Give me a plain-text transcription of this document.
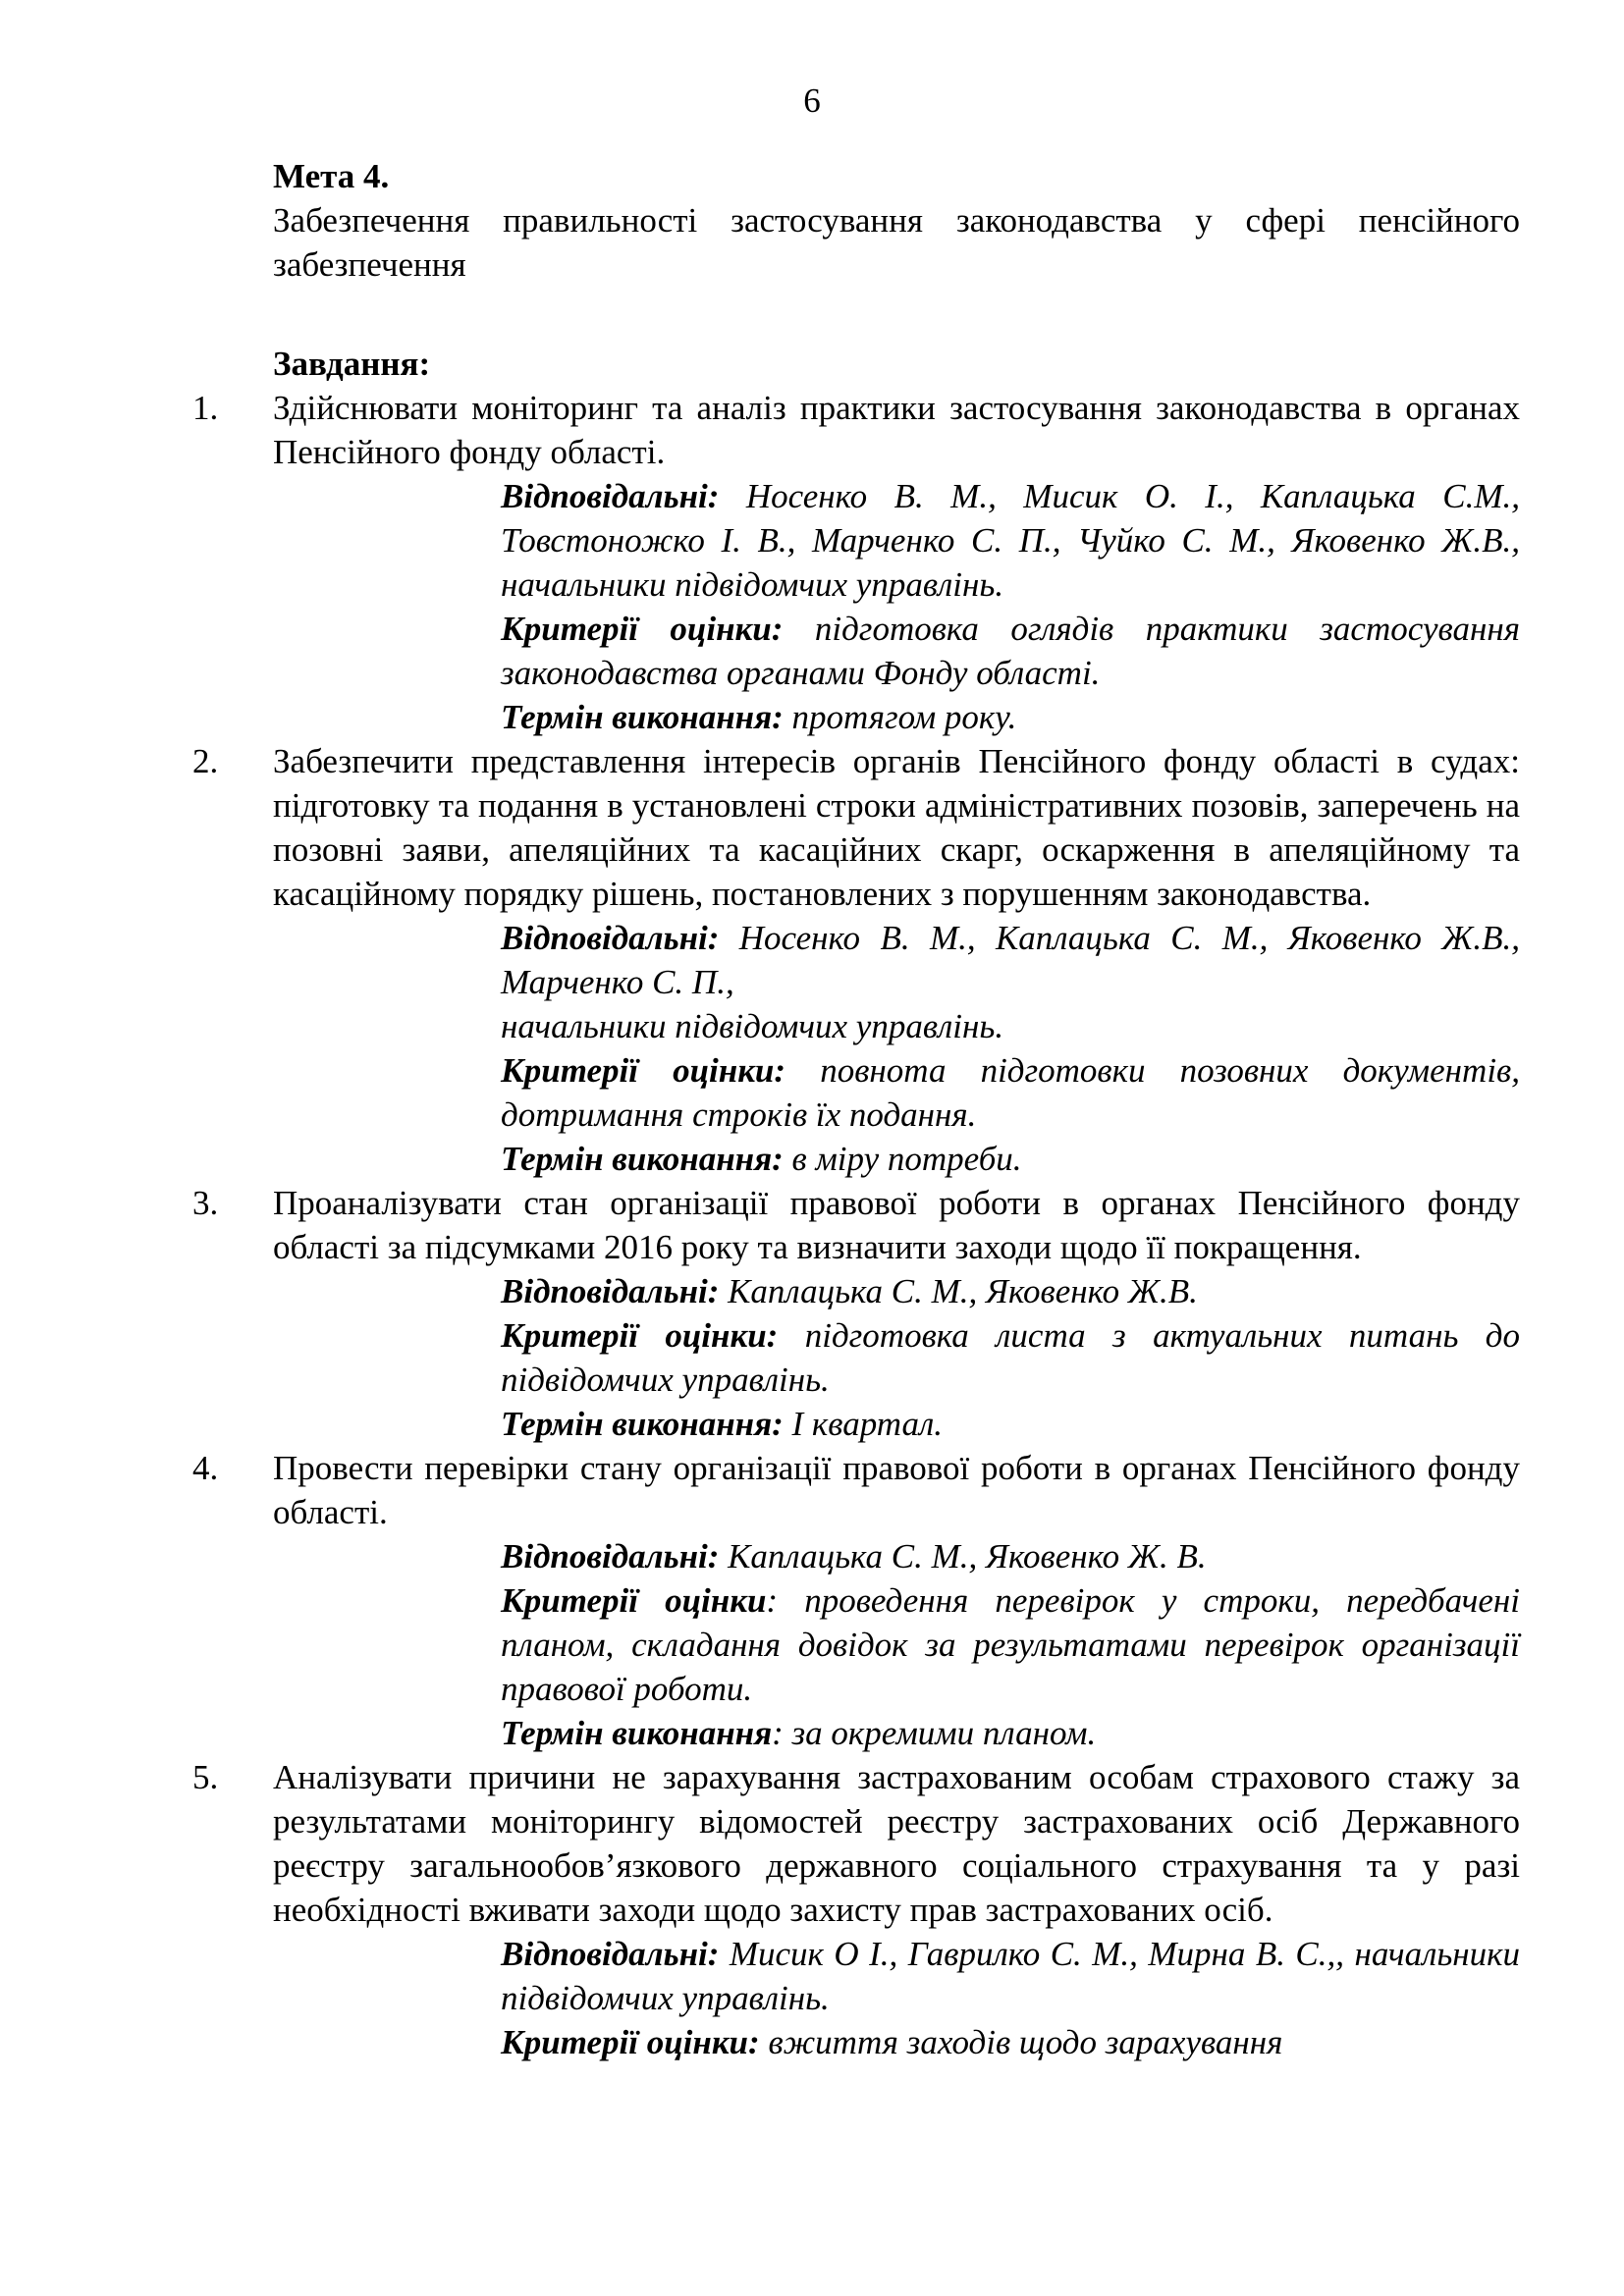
6
Мета 4.
Забезпечення правильності застосування законодавства у сфері пенсійного забезпечення
Завдання:
1. Здійснювати моніторинг та аналіз практики застосування законодавства в органах Пенсійного фонду області.
Відповідальні: Носенко В. М., Мисик О. І., Каплацька С.М., Товстоножко І. В., Марченко С. П., Чуйко С. М., Яковенко Ж.В., начальники підвідомчих управлінь.
Критерії оцінки: підготовка оглядів практики застосування законодавства органами Фонду області.
Термін виконання: протягом року.
2. Забезпечити представлення інтересів органів Пенсійного фонду області в судах: підготовку та подання в установлені строки адміністративних позовів, заперечень на позовні заяви, апеляційних та касаційних скарг, оскарження в апеляційному та касаційному порядку рішень, постановлених з порушенням законодавства.
Відповідальні: Носенко В. М., Каплацька С. М., Яковенко Ж.В., Марченко С. П.,
начальники підвідомчих управлінь.
Критерії оцінки: повнота підготовки позовних документів, дотримання строків їх подання.
Термін виконання: в міру потреби.
3. Проаналізувати стан організації правової роботи в органах Пенсійного фонду області за підсумками 2016 року та визначити заходи щодо її покращення.
Відповідальні: Каплацька С. М., Яковенко Ж.В.
Критерії оцінки: підготовка листа з актуальних питань до підвідомчих управлінь.
Термін виконання: І квартал.
4. Провести перевірки стану організації правової роботи в органах Пенсійного фонду області.
Відповідальні: Каплацька С. М., Яковенко Ж. В.
Критерії оцінки: проведення перевірок у строки, передбачені планом, складання довідок за результатами перевірок організації правової роботи.
Термін виконання: за окремими планом.
5. Аналізувати причини не зарахування застрахованим особам страхового стажу за результатами моніторингу відомостей реєстру застрахованих осіб Державного реєстру загальнообов’язкового державного соціального страхування та у разі необхідності вживати заходи щодо захисту прав застрахованих осіб.
Відповідальні: Мисик О І., Гаврилко С. М., Мирна В. С.,, начальники підвідомчих управлінь.
Критерії оцінки: вжиття заходів щодо зарахування
